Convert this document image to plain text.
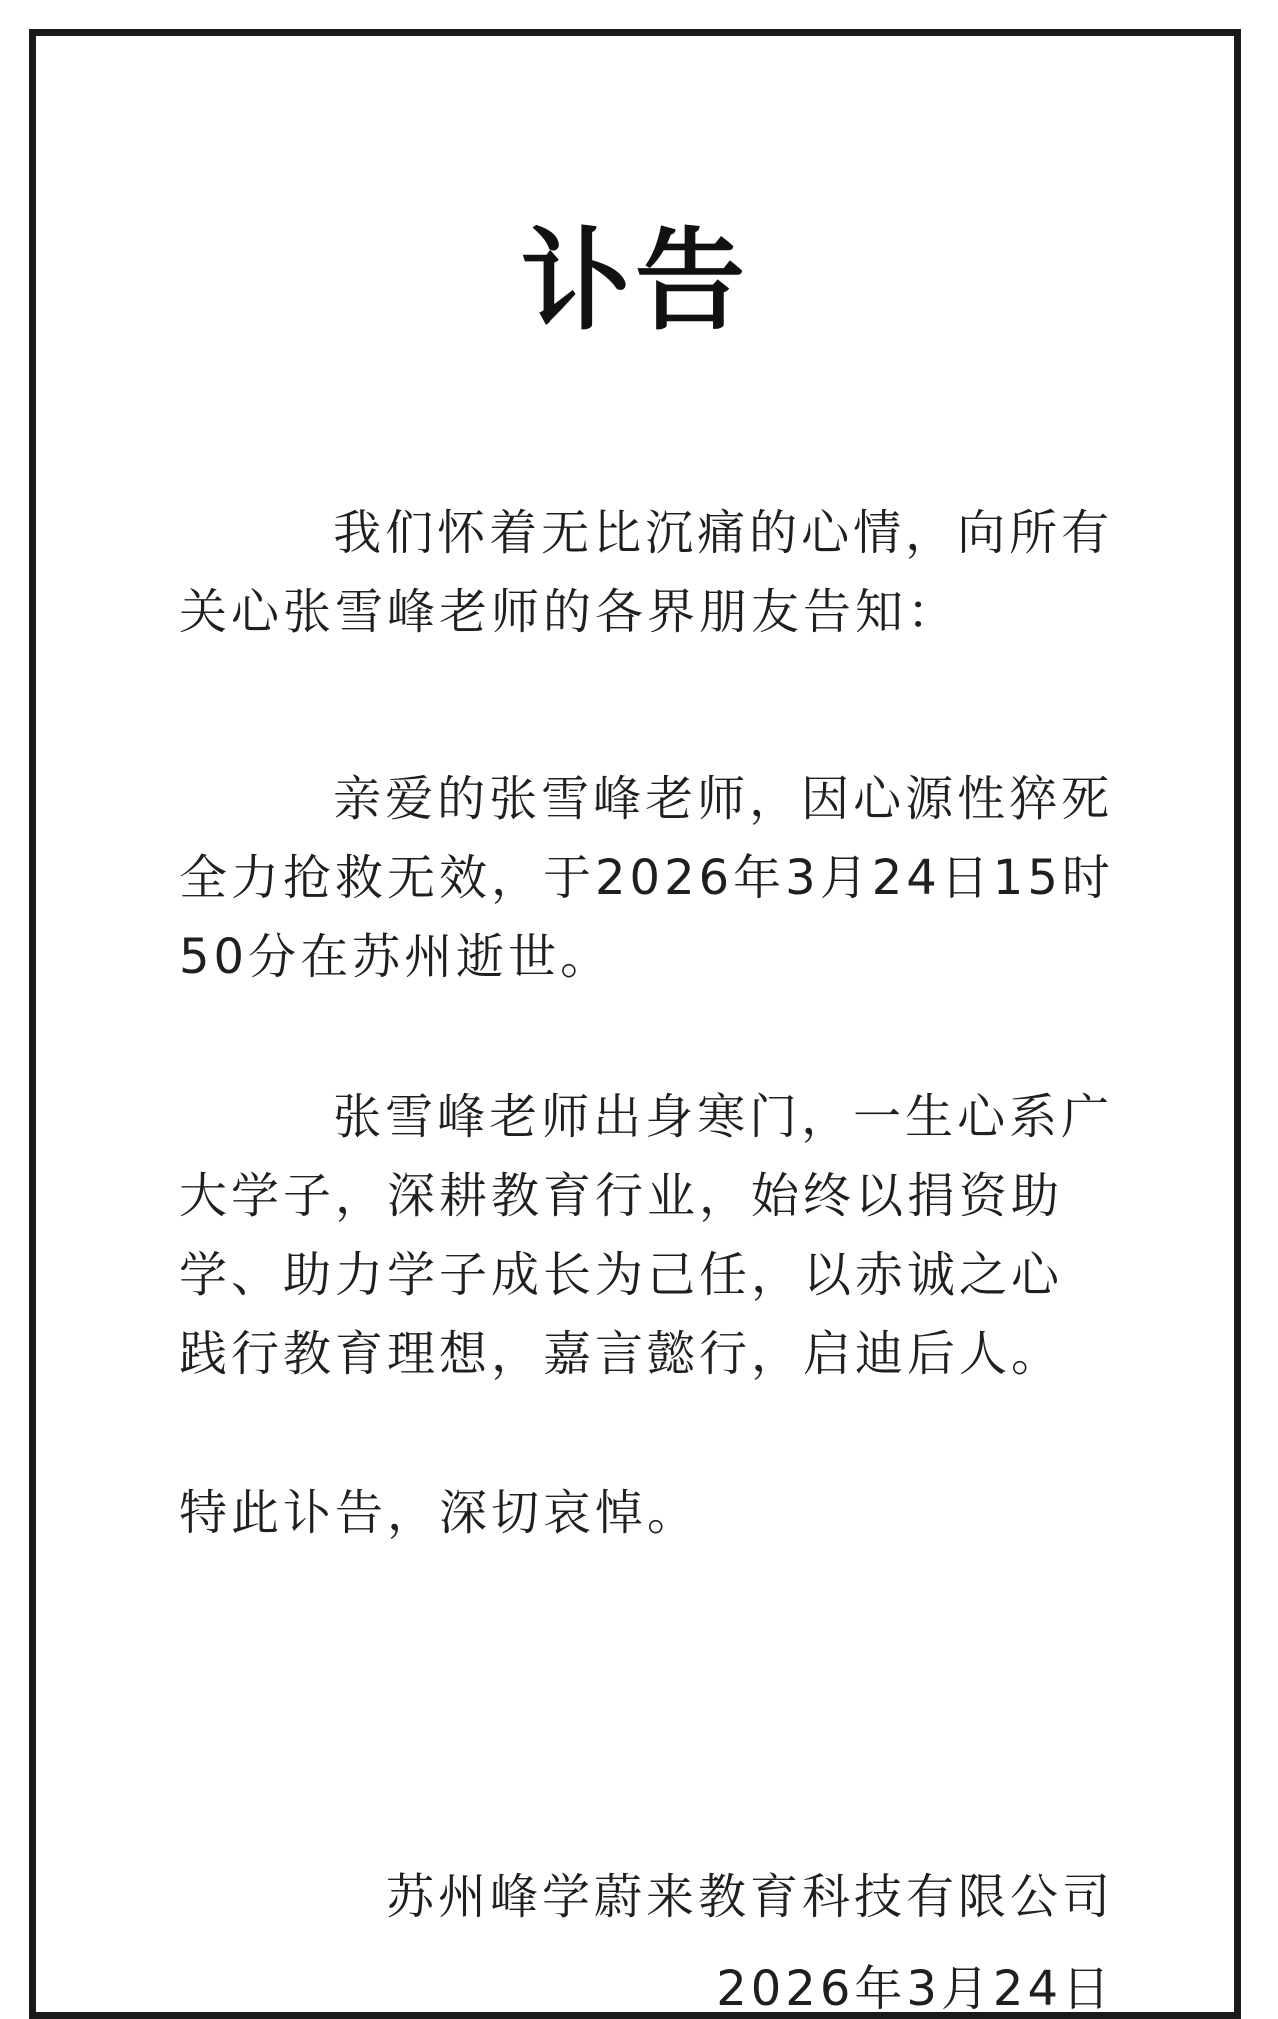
讣告

我们怀着无比沉痛的心情，向所有
关心张雪峰老师的各界朋友告知：

亲爱的张雪峰老师，因心源性猝死
全力抢救无效，于2026年3月24日15时
50分在苏州逝世。

张雪峰老师出身寒门，一生心系广
大学子，深耕教育行业，始终以捐资助
学、助力学子成长为己任，以赤诚之心
践行教育理想，嘉言懿行，启迪后人。

特此讣告，深切哀悼。

苏州峰学蔚来教育科技有限公司

2026年3月24日
